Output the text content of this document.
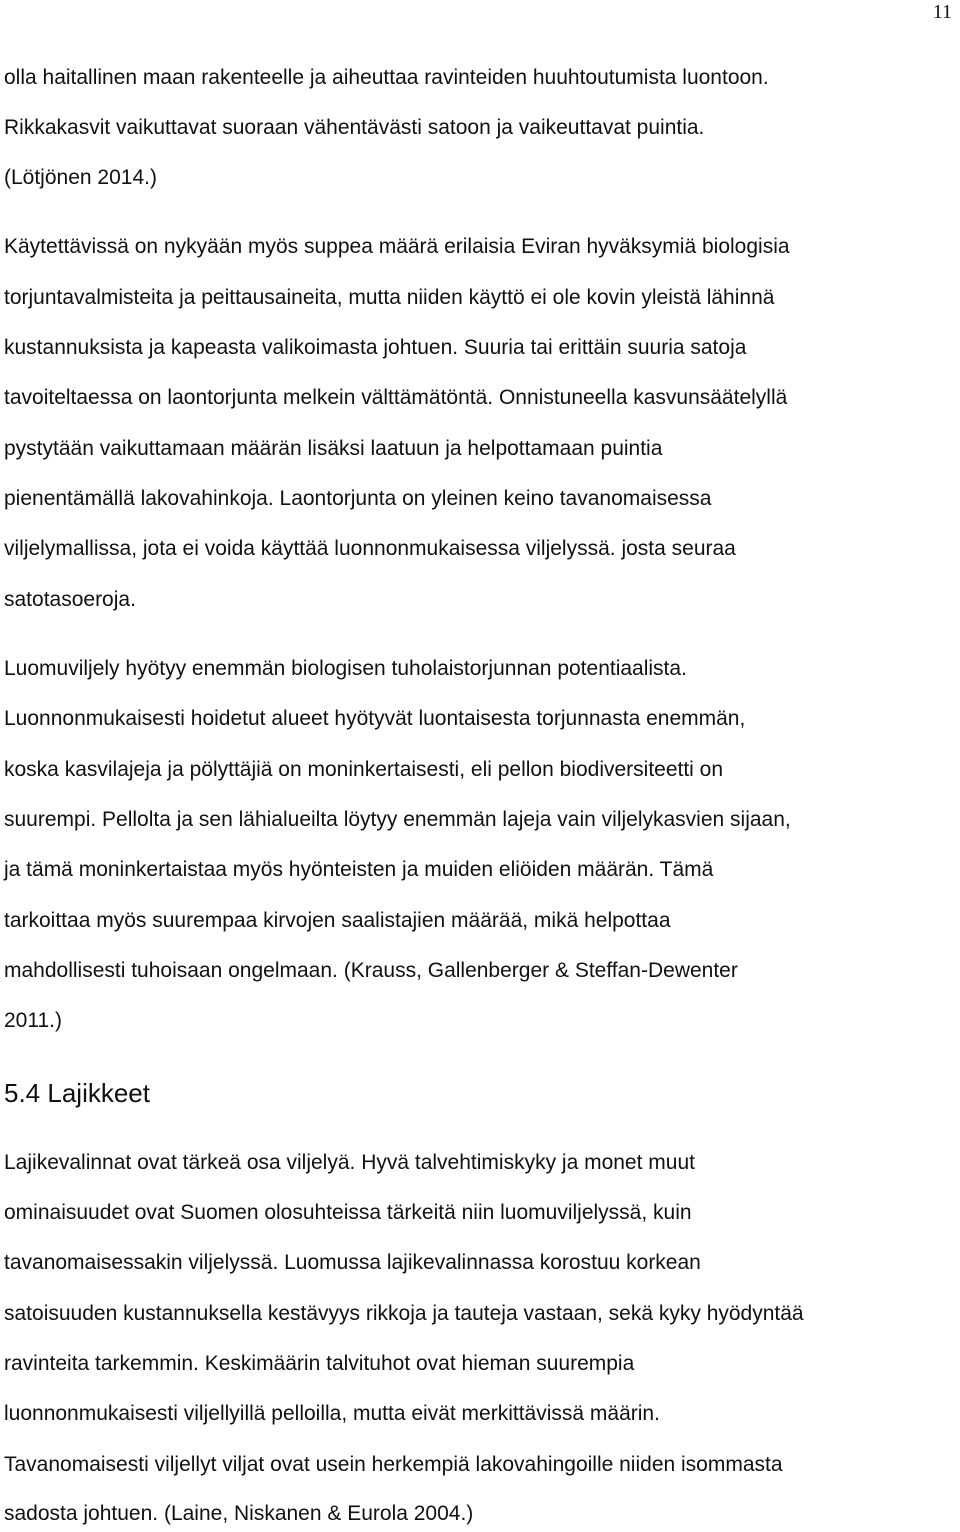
11
olla haitallinen maan rakenteelle ja aiheuttaa ravinteiden huuhtoutumista luontoon.
Rikkakasvit vaikuttavat suoraan vähentävästi satoon ja vaikeuttavat puintia.
(Lötjönen 2014.)
Käytettävissä on nykyään myös suppea määrä erilaisia Eviran hyväksymiä biologisia
torjuntavalmisteita ja peittausaineita, mutta niiden käyttö ei ole kovin yleistä lähinnä
kustannuksista ja kapeasta valikoimasta johtuen. Suuria tai erittäin suuria satoja
tavoiteltaessa on laontorjunta melkein välttämätöntä. Onnistuneella kasvunsäätelyllä
pystytään vaikuttamaan määrän lisäksi laatuun ja helpottamaan puintia
pienentämällä lakovahinkoja. Laontorjunta on yleinen keino tavanomaisessa
viljelymallissa, jota ei voida käyttää luonnonmukaisessa viljelyssä. josta seuraa
satotasoeroja.
Luomuviljely hyötyy enemmän biologisen tuholaistorjunnan potentiaalista.
Luonnonmukaisesti hoidetut alueet hyötyvät luontaisesta torjunnasta enemmän,
koska kasvilajeja ja pölyttäjiä on moninkertaisesti, eli pellon biodiversiteetti on
suurempi. Pellolta ja sen lähialueilta löytyy enemmän lajeja vain viljelykasvien sijaan,
ja tämä moninkertaistaa myös hyönteisten ja muiden eliöiden määrän. Tämä
tarkoittaa myös suurempaa kirvojen saalistajien määrää, mikä helpottaa
mahdollisesti tuhoisaan ongelmaan. (Krauss, Gallenberger & Steffan-Dewenter
2011.)
5.4 Lajikkeet
Lajikevalinnat ovat tärkeä osa viljelyä. Hyvä talvehtimiskyky ja monet muut
ominaisuudet ovat Suomen olosuhteissa tärkeitä niin luomuviljelyssä, kuin
tavanomaisessakin viljelyssä. Luomussa lajikevalinnassa korostuu korkean
satoisuuden kustannuksella kestävyys rikkoja ja tauteja vastaan, sekä kyky hyödyntää
ravinteita tarkemmin. Keskimäärin talvituhot ovat hieman suurempia
luonnonmukaisesti viljellyillä pelloilla, mutta eivät merkittävissä määrin.
Tavanomaisesti viljellyt viljat ovat usein herkempiä lakovahingoille niiden isommasta
sadosta johtuen. (Laine, Niskanen & Eurola 2004.)
